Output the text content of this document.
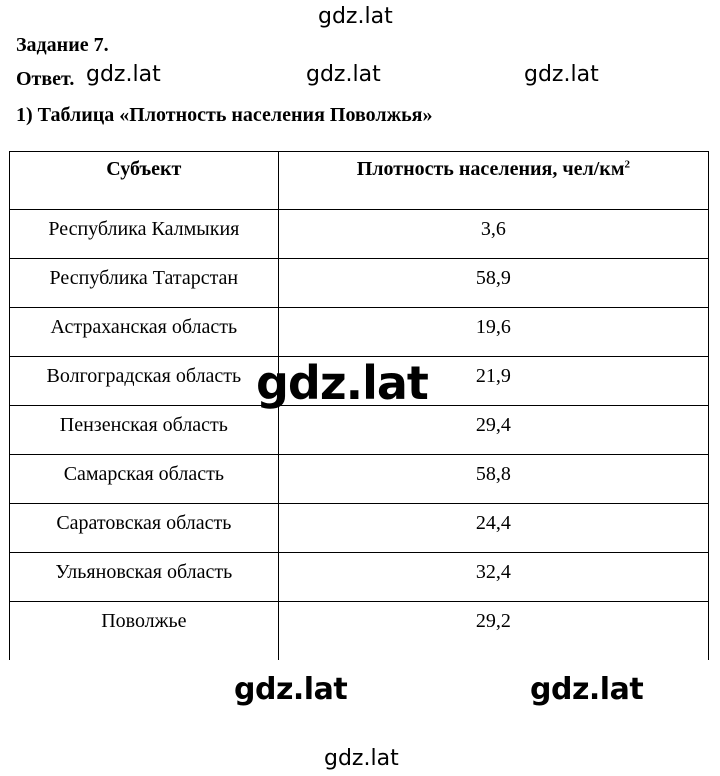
gdz.lat
Задание 7.
Ответ. gdz.lat	gdz.lat	gdz.lat
1) Таблица «Плотность населения Поволжья»
Субъект	Плотность населения, чел/$км^2$
Республика Калмыкия	3,6
Республика Татарстан	58,9
Астраханская область	19,6
Волгоградская область	21,9
Пензенская область	29,4
Самарская область	58,8
Саратовская область	24,4
Ульяновская область	32,4
Поволжье	29,2
gdz.lat
gdz.lat	gdz.lat
gdz.lat
